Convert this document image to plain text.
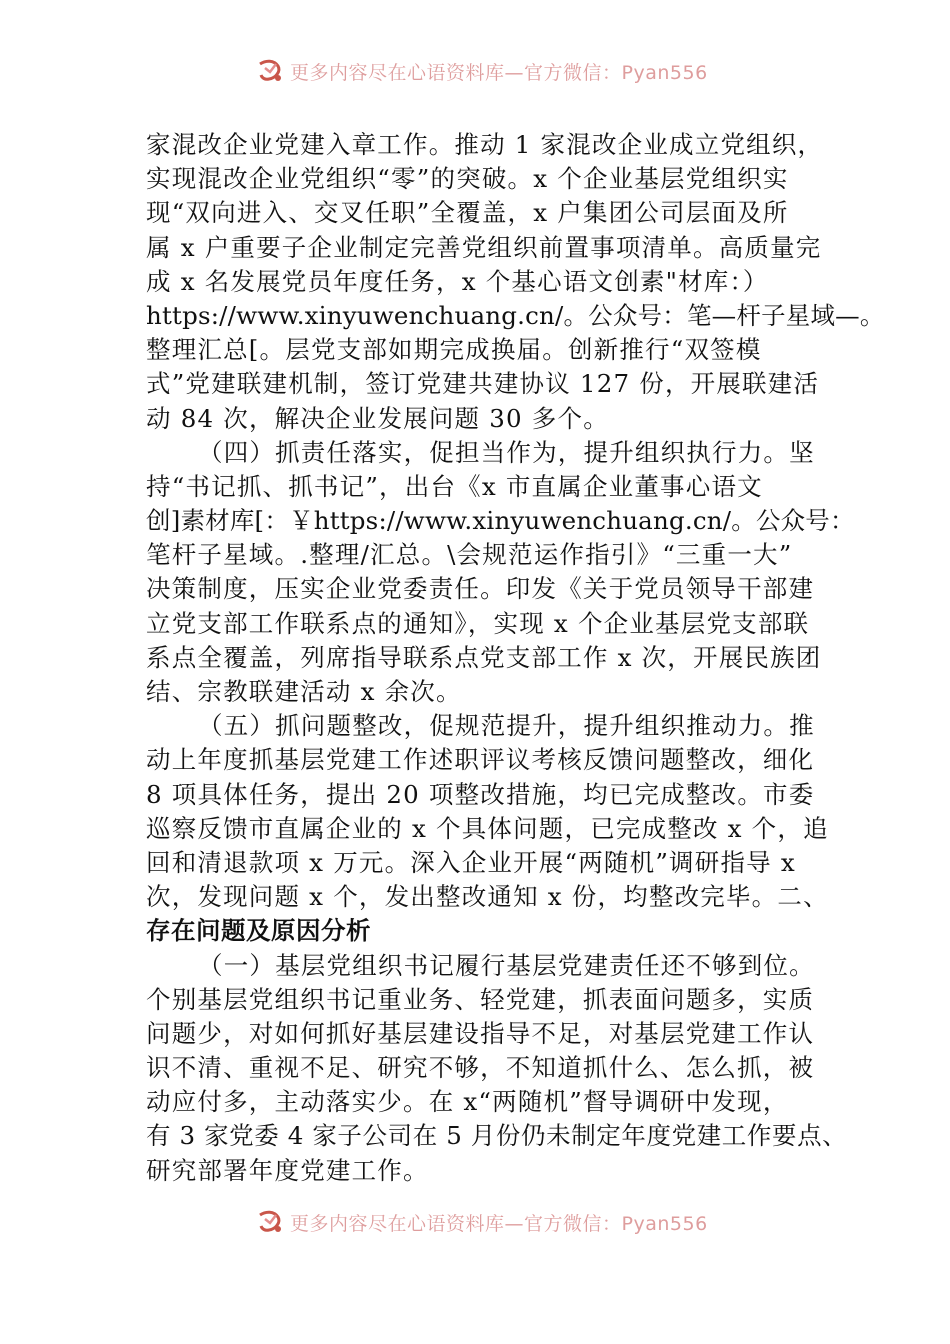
更多内容尽在心语资料库—官方微信：Pyan556
家混改企业党建入章工作。推动 1 家混改企业成立党组织，
实现混改企业党组织“零”的突破。x 个企业基层党组织实
现“双向进入、交叉任职”全覆盖，x 户集团公司层面及所
属 x 户重要子企业制定完善党组织前置事项清单。高质量完
成 x 名发展党员年度任务，x 个基心语文创素"材库：）
https://www.xinyuwenchuang.cn/。公众号：笔—杆子星域—。
整理汇总[。层党支部如期完成换届。创新推行“双签模
式”党建联建机制，签订党建共建协议 127 份，开展联建活
动 84 次，解决企业发展问题 30 多个。
（四）抓责任落实，促担当作为，提升组织执行力。坚
持“书记抓、抓书记”，出台《x 市直属企业董事心语文
创]素材库[：￥https://www.xinyuwenchuang.cn/。公众号：
笔杆子星域。.整理/汇总。\会规范运作指引》“三重一大”
决策制度，压实企业党委责任。印发《关于党员领导干部建
立党支部工作联系点的通知》，实现 x 个企业基层党支部联
系点全覆盖，列席指导联系点党支部工作 x 次，开展民族团
结、宗教联建活动 x 余次。
（五）抓问题整改，促规范提升，提升组织推动力。推
动上年度抓基层党建工作述职评议考核反馈问题整改，细化
8 项具体任务，提出 20 项整改措施，均已完成整改。市委
巡察反馈市直属企业的 x 个具体问题，已完成整改 x 个，追
回和清退款项 x 万元。深入企业开展“两随机”调研指导 x
次，发现问题 x 个，发出整改通知 x 份，均整改完毕。二、
存在问题及原因分析
（一）基层党组织书记履行基层党建责任还不够到位。
个别基层党组织书记重业务、轻党建，抓表面问题多，实质
问题少，对如何抓好基层建设指导不足，对基层党建工作认
识不清、重视不足、研究不够，不知道抓什么、怎么抓，被
动应付多，主动落实少。在 x“两随机”督导调研中发现，
有 3 家党委 4 家子公司在 5 月份仍未制定年度党建工作要点、
研究部署年度党建工作。
更多内容尽在心语资料库—官方微信：Pyan556
